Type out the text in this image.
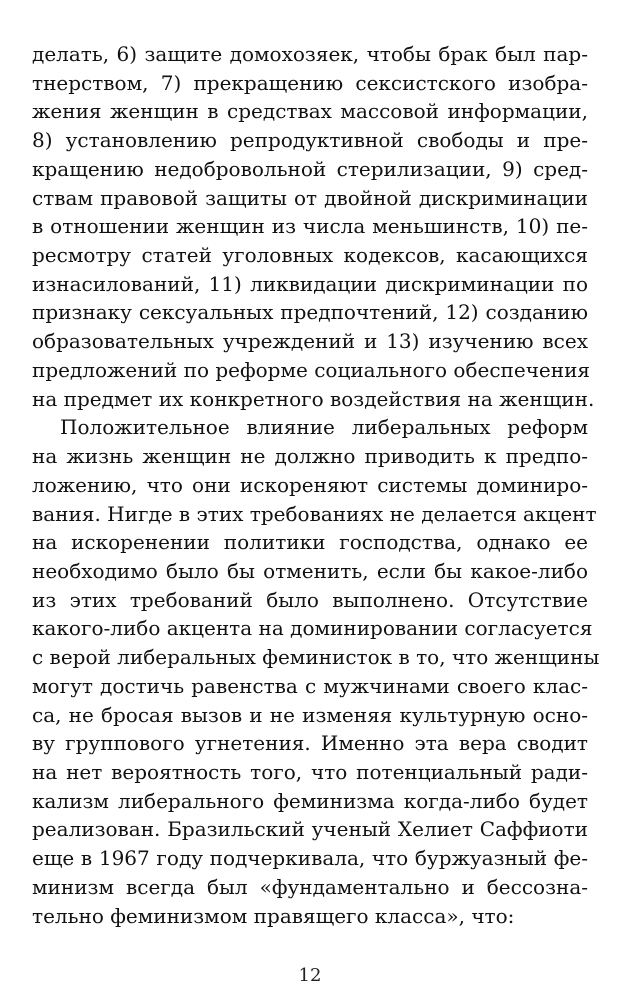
делать, 6) защите домохозяек, чтобы брак был пар-
тнерством, 7) прекращению сексистского изобра-
жения женщин в средствах массовой информации,
8) установлению репродуктивной свободы и пре-
кращению недобровольной стерилизации, 9) сред-
ствам правовой защиты от двойной дискриминации
в отношении женщин из числа меньшинств, 10) пе-
ресмотру статей уголовных кодексов, касающихся
изнасилований, 11) ликвидации дискриминации по
признаку сексуальных предпочтений, 12) созданию
образовательных учреждений и 13) изучению всех
предложений по реформе социального обеспечения
на предмет их конкретного воздействия на женщин.
Положительное влияние либеральных реформ
на жизнь женщин не должно приводить к предпо-
ложению, что они искореняют системы доминиро-
вания. Нигде в этих требованиях не делается акцент
на искоренении политики господства, однако ее
необходимо было бы отменить, если бы какое-либо
из этих требований было выполнено. Отсутствие
какого-либо акцента на доминировании согласуется
с верой либеральных феминисток в то, что женщины
могут достичь равенства с мужчинами своего клас-
са, не бросая вызов и не изменяя культурную осно-
ву группового угнетения. Именно эта вера сводит
на нет вероятность того, что потенциальный ради-
кализм либерального феминизма когда-либо будет
реализован. Бразильский ученый Хелиет Саффиоти
еще в 1967 году подчеркивала, что буржуазный фе-
минизм всегда был «фундаментально и бессозна-
тельно феминизмом правящего класса», что:
12
